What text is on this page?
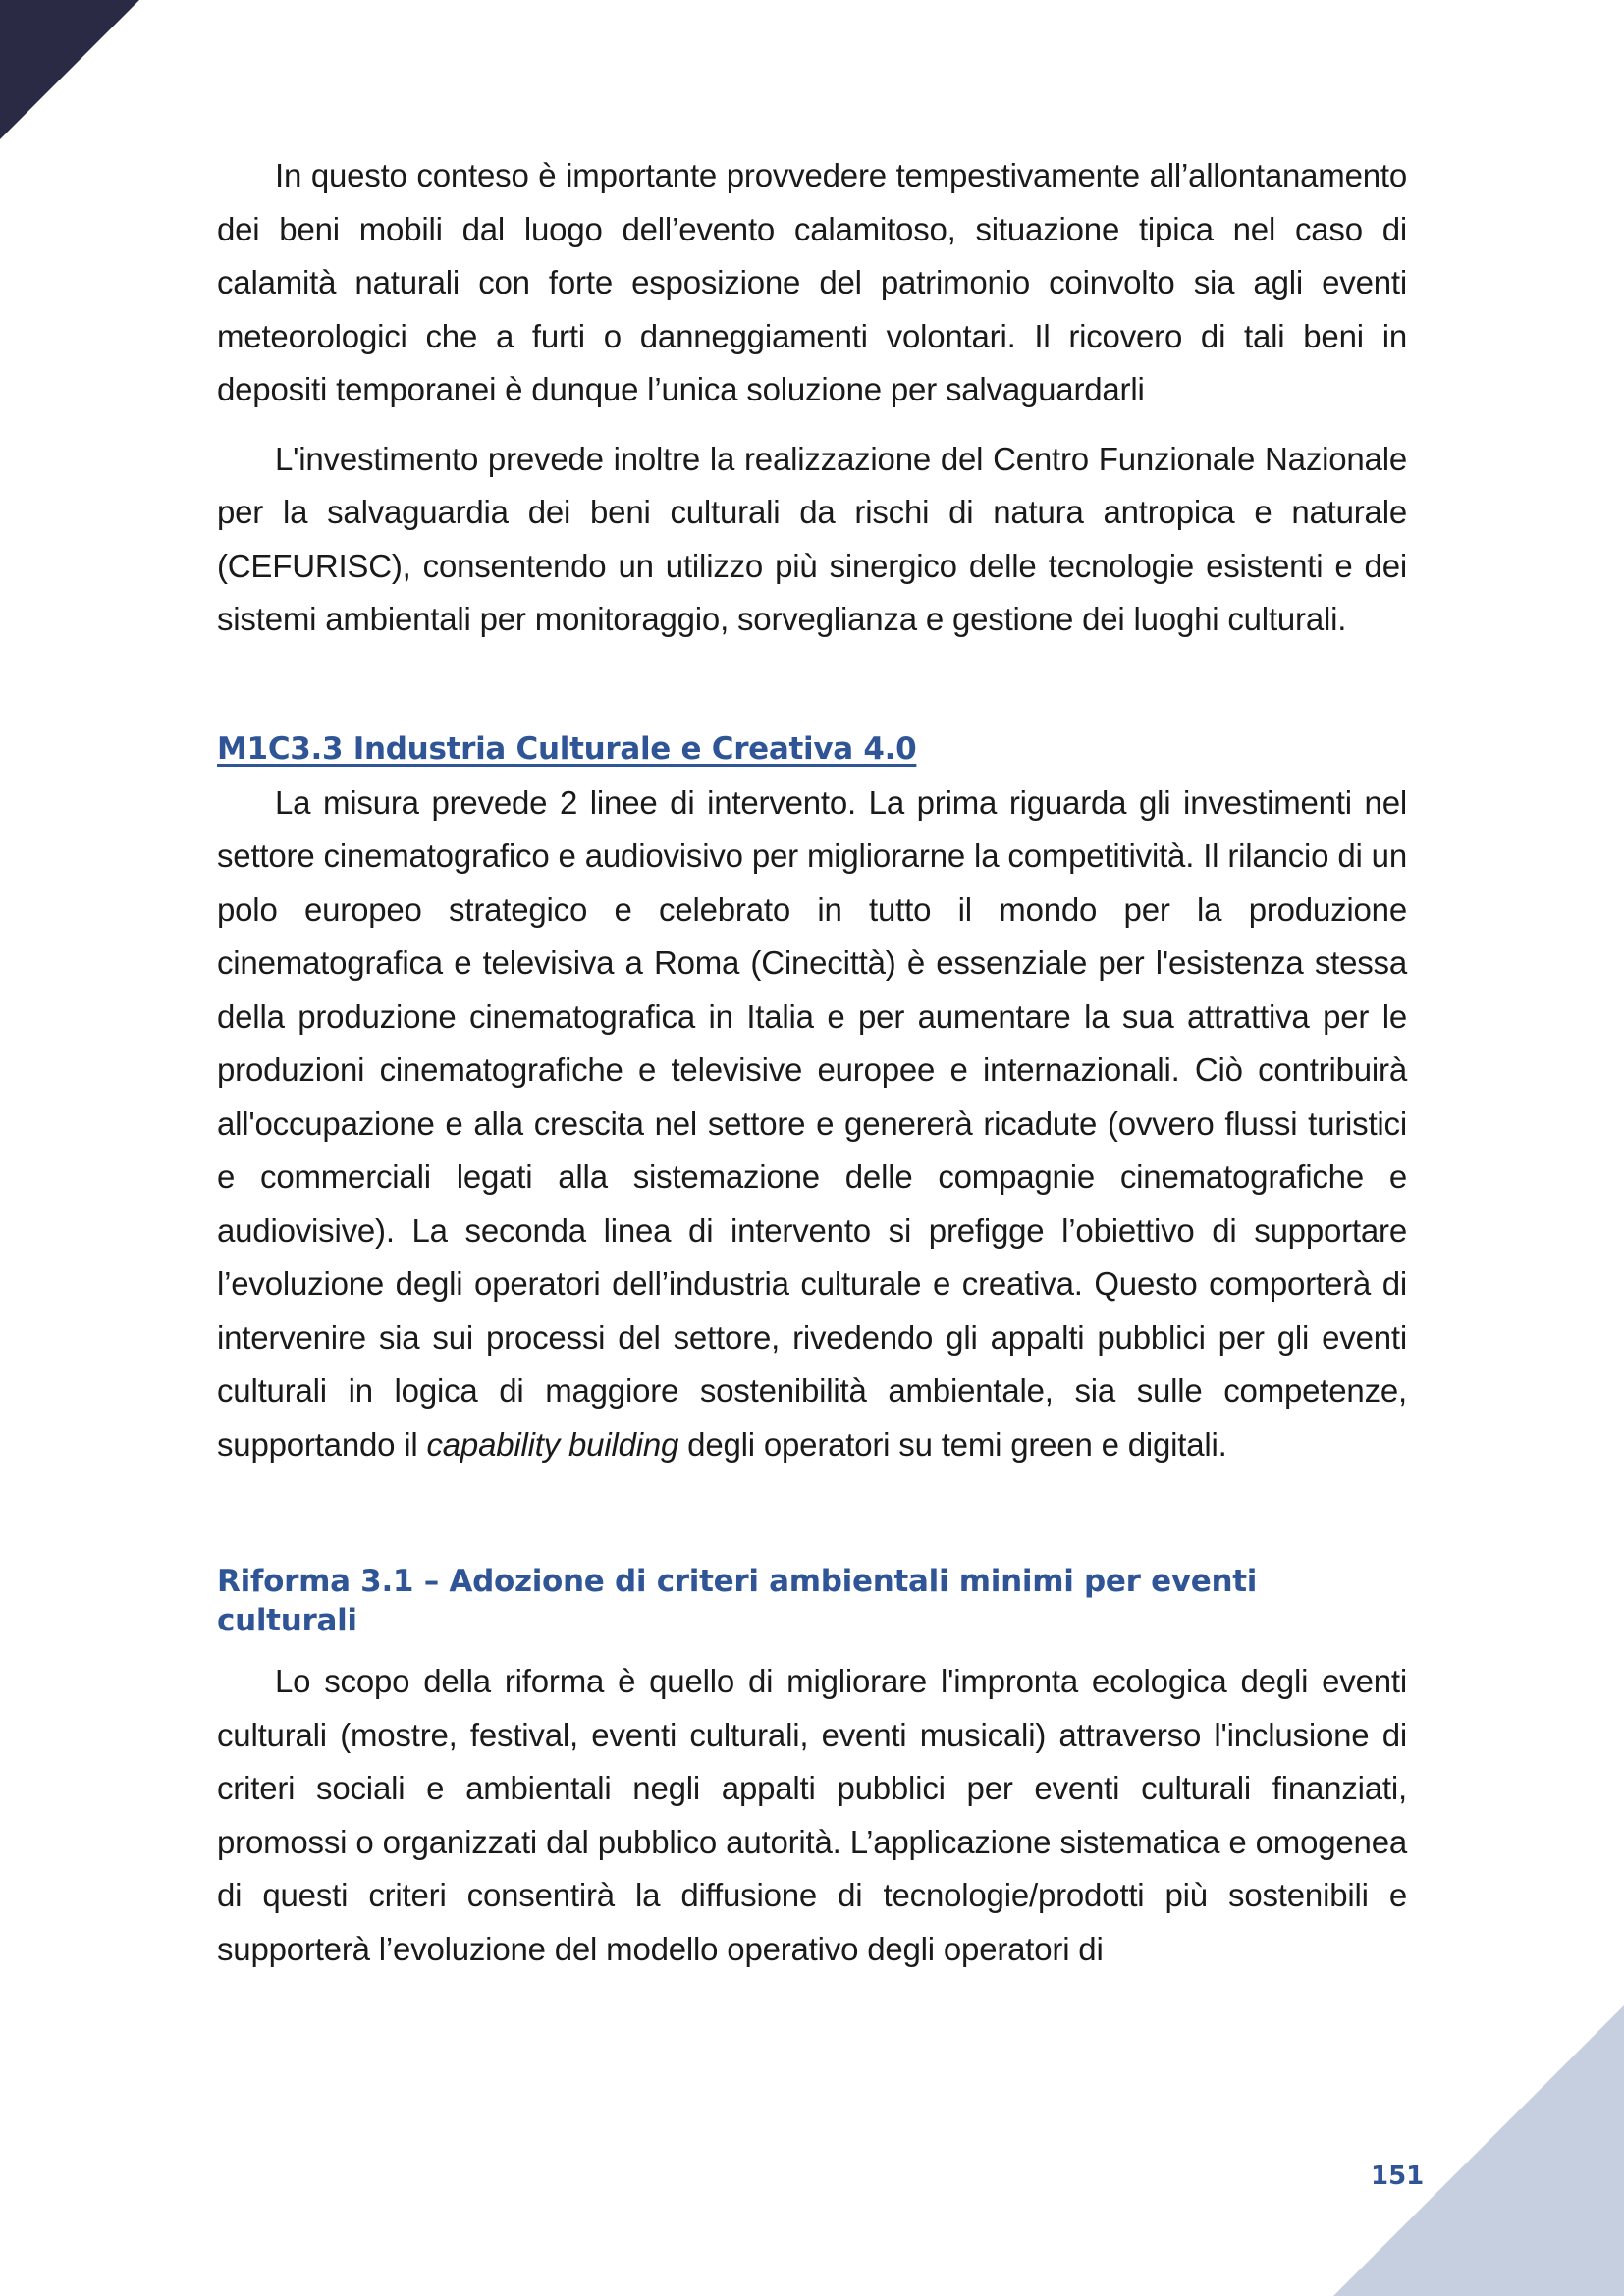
In questo conteso è importante provvedere tempestivamente all’allontanamento dei beni mobili dal luogo dell’evento calamitoso, situazione tipica nel caso di calamità naturali con forte esposizione del patrimonio coinvolto sia agli eventi meteorologici che a furti o danneggiamenti volontari. Il ricovero di tali beni in depositi temporanei è dunque l’unica soluzione per salvaguardarli

L'investimento prevede inoltre la realizzazione del Centro Funzionale Nazionale per la salvaguardia dei beni culturali da rischi di natura antropica e naturale (CEFURISC), consentendo un utilizzo più sinergico delle tecnologie esistenti e dei sistemi ambientali per monitoraggio, sorveglianza e gestione dei luoghi culturali.

M1C3.3 Industria Culturale e Creativa 4.0

La misura prevede 2 linee di intervento. La prima riguarda gli investimenti nel settore cinematografico e audiovisivo per migliorarne la competitività. Il rilancio di un polo europeo strategico e celebrato in tutto il mondo per la produzione cinematografica e televisiva a Roma (Cinecittà) è essenziale per l'esistenza stessa della produzione cinematografica in Italia e per aumentare la sua attrattiva per le produzioni cinematografiche e televisive europee e internazionali. Ciò contribuirà all'occupazione e alla crescita nel settore e genererà ricadute (ovvero flussi turistici e commerciali legati alla sistemazione delle compagnie cinematografiche e audiovisive). La seconda linea di intervento si prefigge l’obiettivo di supportare l’evoluzione degli operatori dell’industria culturale e creativa. Questo comporterà di intervenire sia sui processi del settore, rivedendo gli appalti pubblici per gli eventi culturali in logica di maggiore sostenibilità ambientale, sia sulle competenze, supportando il capability building degli operatori su temi green e digitali.

Riforma 3.1 – Adozione di criteri ambientali minimi per eventi culturali

Lo scopo della riforma è quello di migliorare l'impronta ecologica degli eventi culturali (mostre, festival, eventi culturali, eventi musicali) attraverso l'inclusione di criteri sociali e ambientali negli appalti pubblici per eventi culturali finanziati, promossi o organizzati dal pubblico autorità. L’applicazione sistematica e omogenea di questi criteri consentirà la diffusione di tecnologie/prodotti più sostenibili e supporterà l’evoluzione del modello operativo degli operatori di

151
